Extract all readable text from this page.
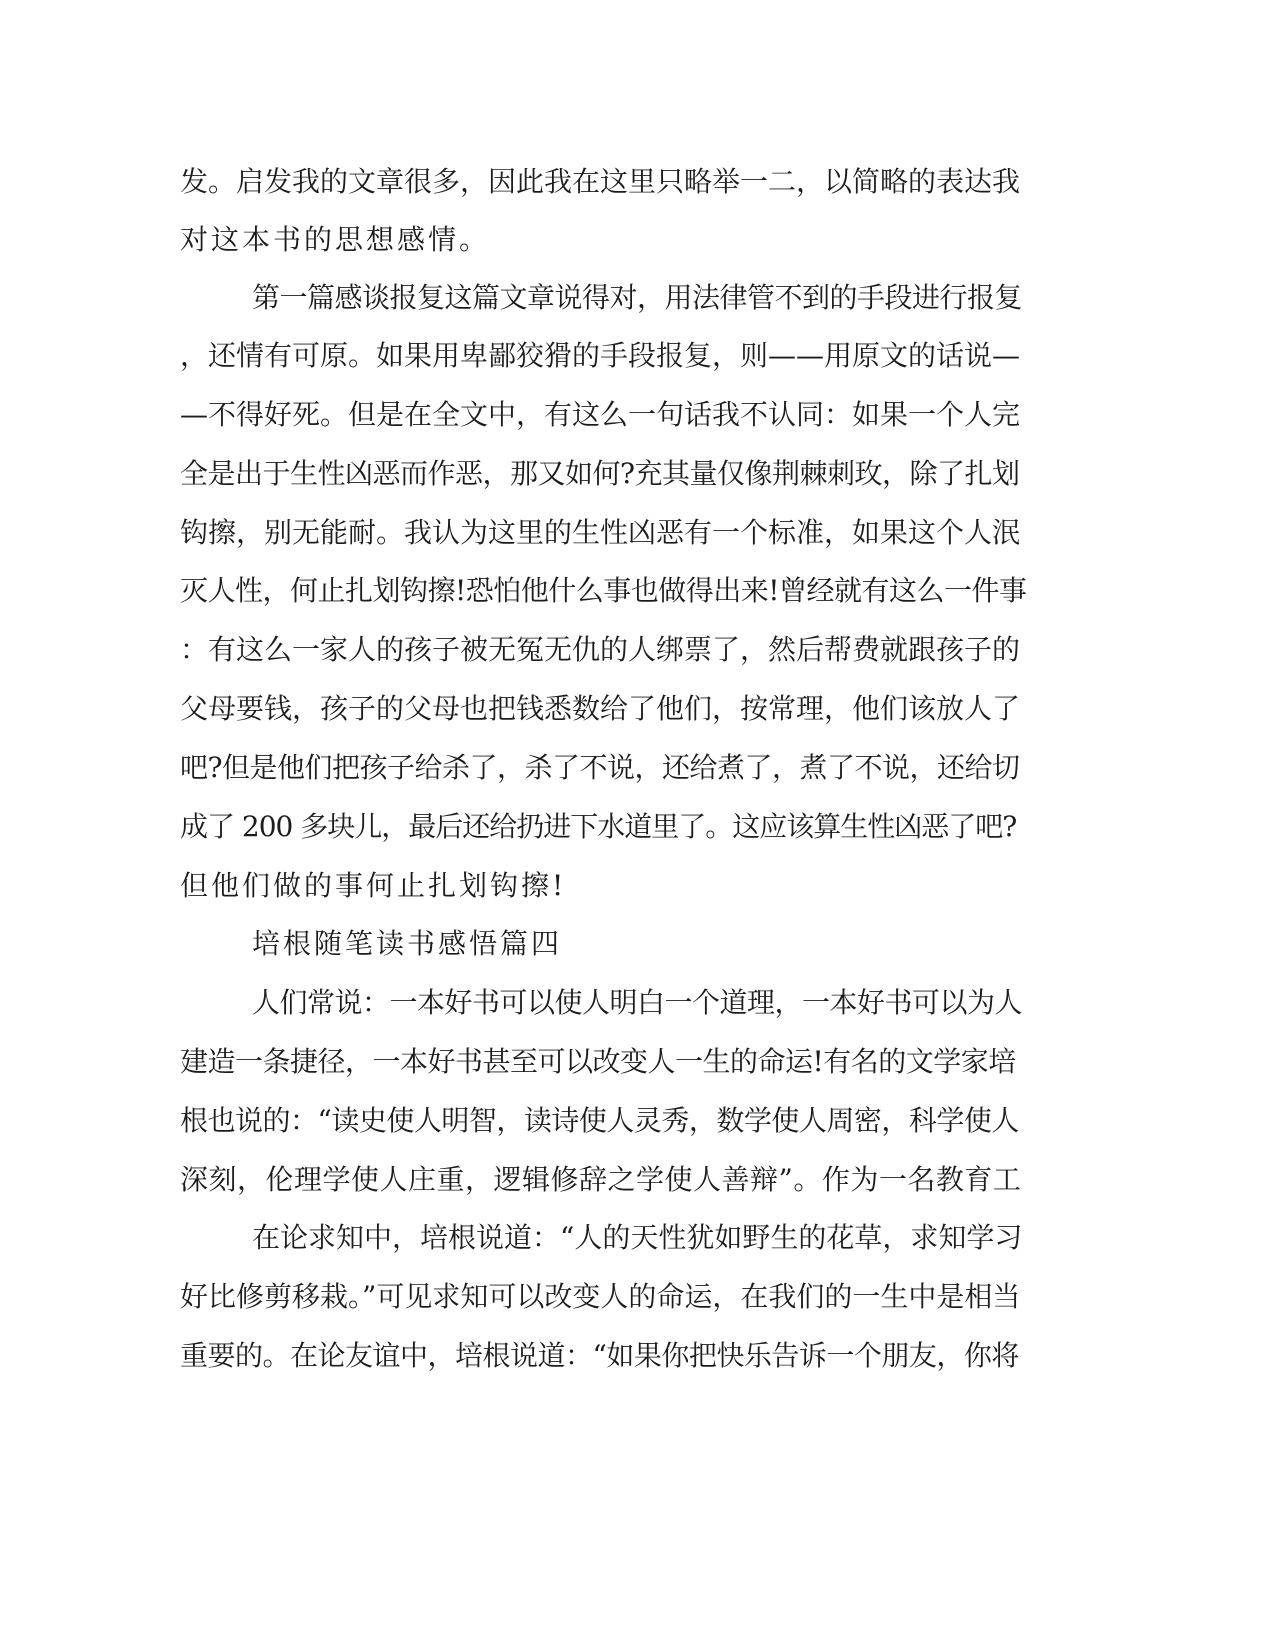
发。启发我的文章很多，因此我在这里只略举一二，以简略的表达我
对这本书的思想感情。
第一篇感谈报复这篇文章说得对，用法律管不到的手段进行报复
，还情有可原。如果用卑鄙狡猾的手段报复，则——用原文的话说—
—不得好死。但是在全文中，有这么一句话我不认同：如果一个人完
全是出于生性凶恶而作恶，那又如何?充其量仅像荆棘刺玫，除了扎划
钩擦，别无能耐。我认为这里的生性凶恶有一个标准，如果这个人泯
灭人性，何止扎划钩擦!恐怕他什么事也做得出来!曾经就有这么一件事
：有这么一家人的孩子被无冤无仇的人绑票了，然后帮费就跟孩子的
父母要钱，孩子的父母也把钱悉数给了他们，按常理，他们该放人了
吧?但是他们把孩子给杀了，杀了不说，还给煮了，煮了不说，还给切
成了 200 多块儿，最后还给扔进下水道里了。这应该算生性凶恶了吧?
但他们做的事何止扎划钩擦!
培根随笔读书感悟篇四
人们常说：一本好书可以使人明白一个道理，一本好书可以为人
建造一条捷径，一本好书甚至可以改变人一生的命运!有名的文学家培
根也说的：“读史使人明智，读诗使人灵秀，数学使人周密，科学使人
深刻，伦理学使人庄重，逻辑修辞之学使人善辩”。作为一名教育工
在论求知中，培根说道：“人的天性犹如野生的花草，求知学习
好比修剪移栽。”可见求知可以改变人的命运，在我们的一生中是相当
重要的。在论友谊中，培根说道：“如果你把快乐告诉一个朋友，你将
